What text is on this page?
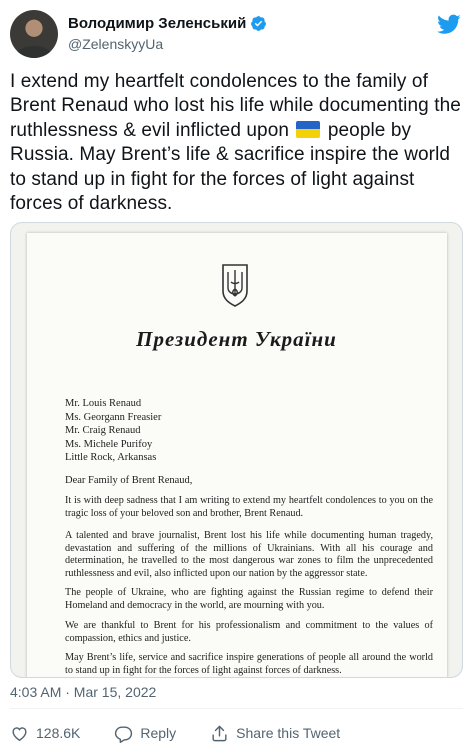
Володимир Зеленський
@ZelenskyyUa
I extend my heartfelt condolences to the family of Brent Renaud who lost his life while documenting the ruthlessness & evil inflicted upon
people by Russia. May Brent’s life & sacrifice inspire the world to stand up in fight for the forces of light against forces of darkness.
Президент України
Mr. Louis Renaud
Ms. Georgann Freasier
Mr. Craig Renaud
Ms. Michele Purifoy
Little Rock, Arkansas
Dear Family of Brent Renaud,
It is with deep sadness that I am writing to extend my heartfelt condolences to you on the tragic loss of your beloved son and brother, Brent Renaud.
A talented and brave journalist, Brent lost his life while documenting human tragedy, devastation and suffering of the millions of Ukrainians. With all his courage and determination, he travelled to the most dangerous war zones to film the unprecedented ruthlessness and evil, also inflicted upon our nation by the aggressor state.
The people of Ukraine, who are fighting against the Russian regime to defend their Homeland and democracy in the world, are mourning with you.
We are thankful to Brent for his professionalism and commitment to the values of compassion, ethics and justice.
May Brent’s life, service and sacrifice inspire generations of people all around the world to stand up in fight for the forces of light against forces of darkness.
4:03 AM · Mar 15, 2022
128.6K	Reply	Share this Tweet
